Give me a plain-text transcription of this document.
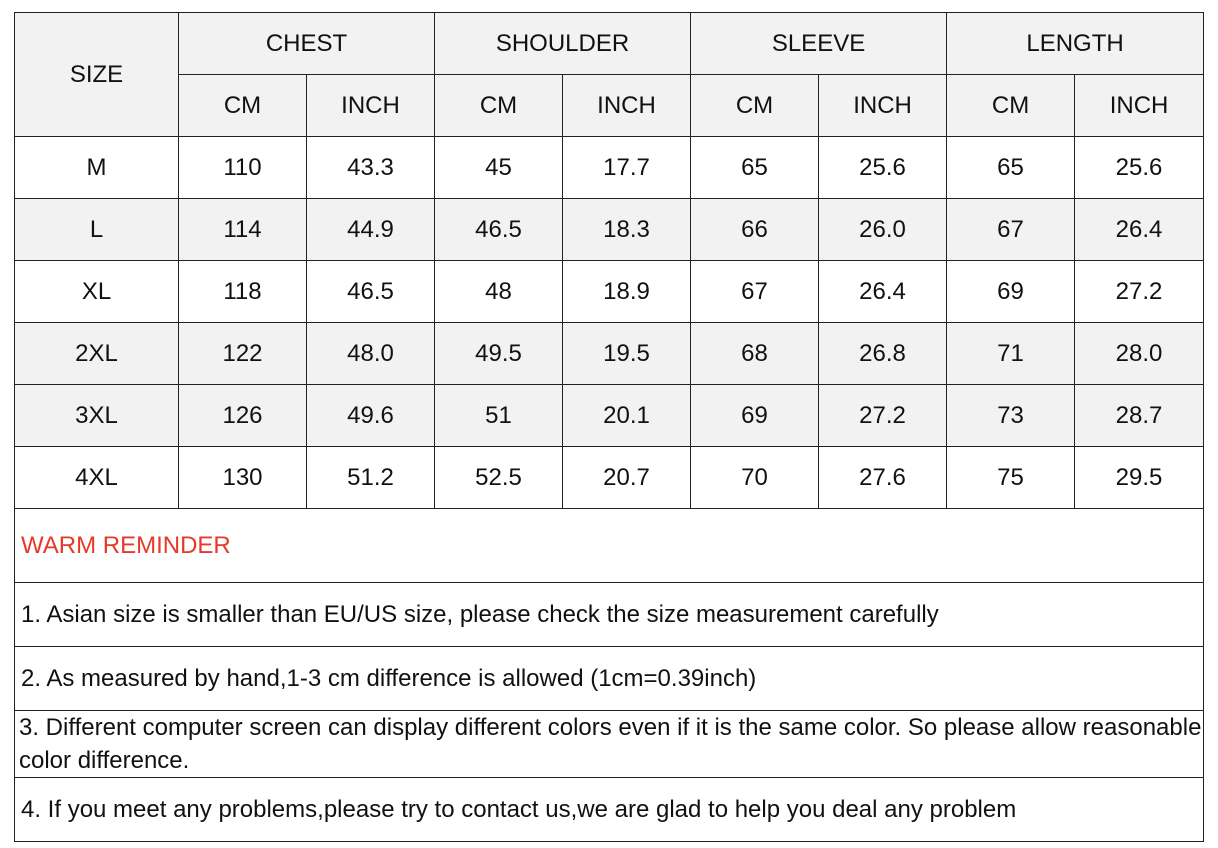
SIZE	CHEST		SHOULDER		SLEEVE		LENGTH	
	CM	INCH	CM	INCH	CM	INCH	CM	INCH
M	110	43.3	45	17.7	65	25.6	65	25.6
L	114	44.9	46.5	18.3	66	26.0	67	26.4
XL	118	46.5	48	18.9	67	26.4	69	27.2
2XL	122	48.0	49.5	19.5	68	26.8	71	28.0
3XL	126	49.6	51	20.1	69	27.2	73	28.7
4XL	130	51.2	52.5	20.7	70	27.6	75	29.5
WARM REMINDER								
1. Asian size is smaller than EU/US size, please check the size measurement carefully								
2. As measured by hand,1-3 cm difference is allowed (1cm=0.39inch)								
3. Different computer screen can display different colors even if it is the same color. So please allow reasonable color difference.								
4. If you meet any problems,please try to contact us,we are glad to help you deal any problem								
